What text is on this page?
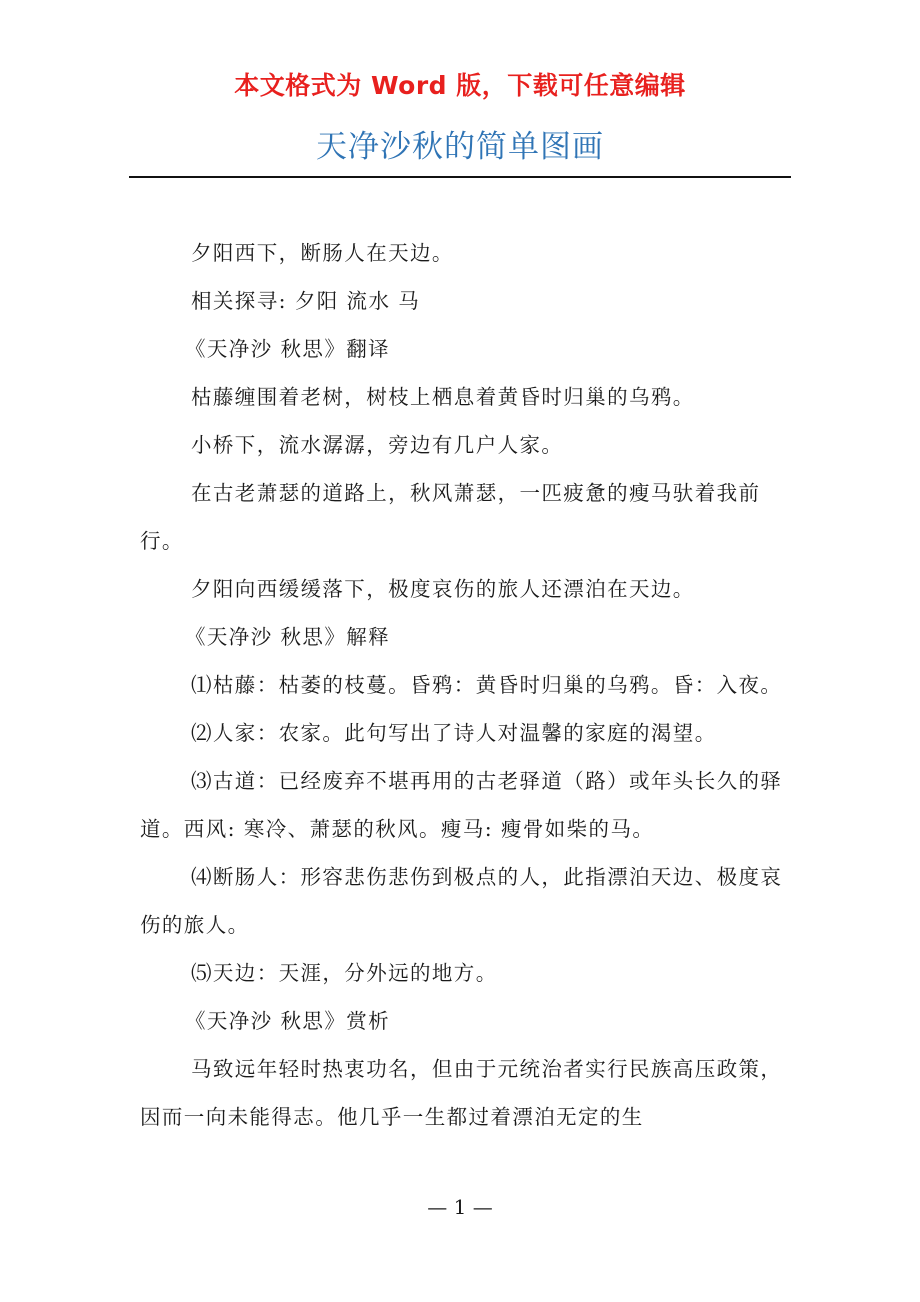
本文格式为 Word 版，下载可任意编辑
天净沙秋的简单图画

夕阳西下，断肠人在天边。

相关探寻: 夕阳 流水 马

《天净沙 秋思》翻译

枯藤缠围着老树，树枝上栖息着黄昏时归巢的乌鸦。

小桥下，流水潺潺，旁边有几户人家。

在古老萧瑟的道路上，秋风萧瑟，一匹疲惫的瘦马驮着我前行。

夕阳向西缓缓落下，极度哀伤的旅人还漂泊在天边。

《天净沙 秋思》解释

⑴枯藤：枯萎的枝蔓。昏鸦：黄昏时归巢的乌鸦。昏：入夜。

⑵人家：农家。此句写出了诗人对温馨的家庭的渴望。

⑶古道：已经废弃不堪再用的古老驿道（路）或年头长久的驿道。西风: 寒冷、萧瑟的秋风。瘦马: 瘦骨如柴的马。

⑷断肠人：形容悲伤悲伤到极点的人，此指漂泊天边、极度哀伤的旅人。

⑸天边：天涯，分外远的地方。

《天净沙 秋思》赏析

马致远年轻时热衷功名，但由于元统治者实行民族高压政策，因而一向未能得志。他几乎一生都过着漂泊无定的生

— 1 —
